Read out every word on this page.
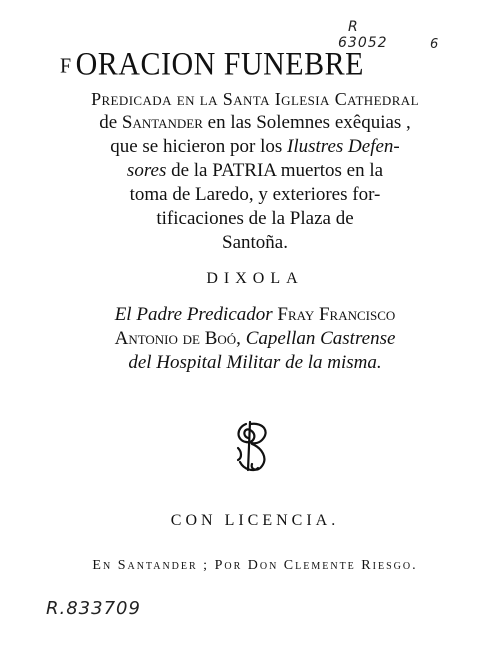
R
63052	6
F ORACION FUNEBRE
Predicada en la Santa Iglesia Cathedral
de Santander en las Solemnes exêquias ,
que se hicieron por los Ilustres Defen-
sores de la PATRIA muertos en la
toma de Laredo, y exteriores for-
tificaciones de la Plaza de
Santoña.
DIXOLA
El Padre Predicador Fray Francisco
Antonio de Boó, Capellan Castrense
del Hospital Militar de la misma.
CON LICENCIA.
En Santander ; Por Don Clemente Riesgo.
R.833709
